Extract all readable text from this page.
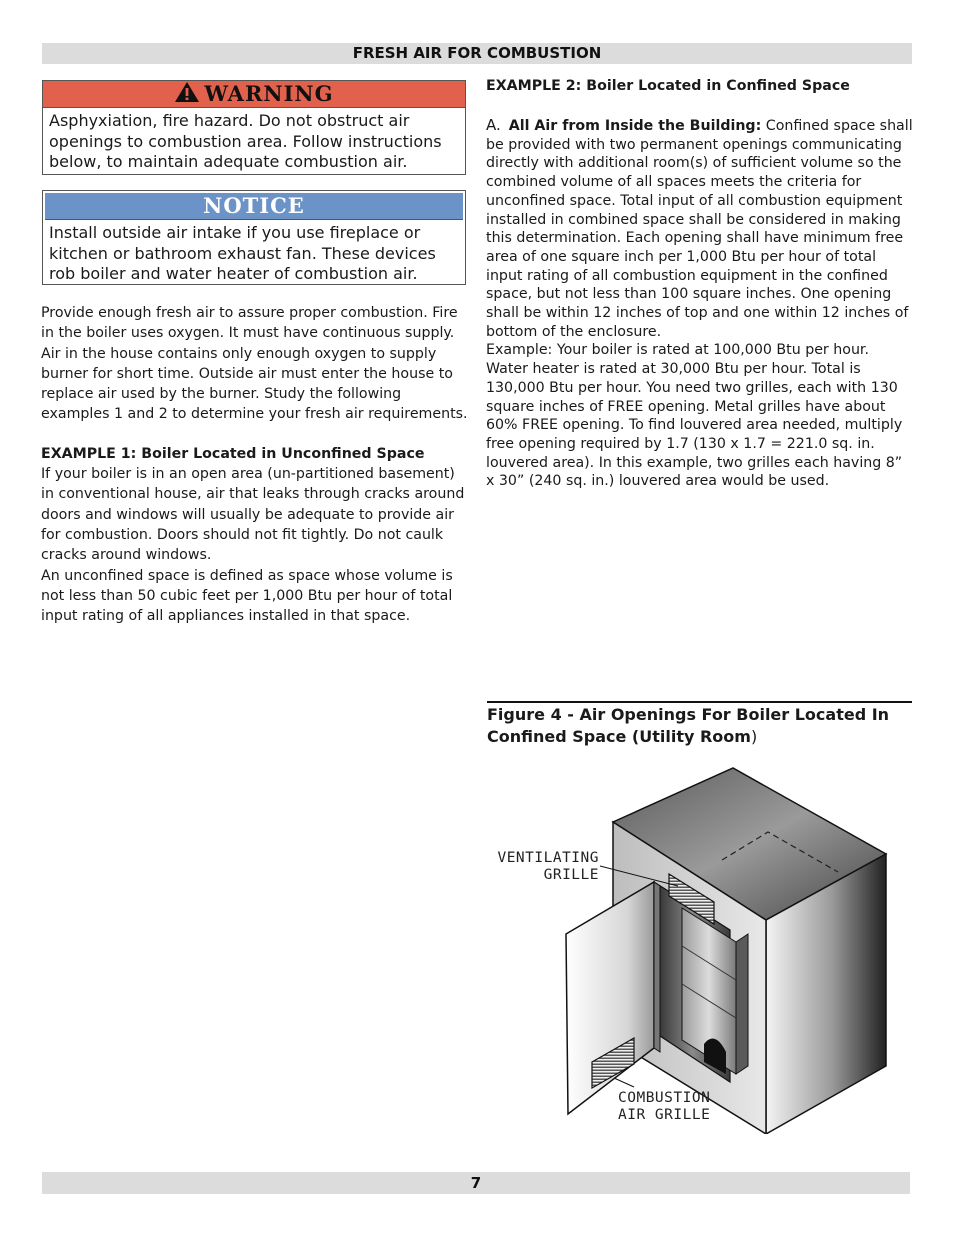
FRESH AIR FOR COMBUSTION
WARNING
Asphyxiation, fire hazard. Do not obstruct air openings to combustion area. Follow instructions below, to maintain adequate combustion air.
NOTICE
Install outside air intake if you use fireplace or kitchen or bathroom exhaust fan. These devices rob boiler and water heater of combustion air.

Provide enough fresh air to assure proper combustion. Fire in the boiler uses oxygen. It must have continuous supply. Air in the house contains only enough oxygen to supply burner for short time. Outside air must enter the house to replace air used by the burner. Study the following examples 1 and 2 to determine your fresh air requirements.

EXAMPLE 1: Boiler Located in Unconfined Space

If your boiler is in an open area (un-partitioned basement) in conventional house, air that leaks through cracks around doors and windows will usually be adequate to provide air for combustion. Doors should not fit tightly. Do not caulk cracks around windows.

An unconfined space is defined as space whose volume is not less than 50 cubic feet per 1,000 Btu per hour of total input rating of all appliances installed in that space.

EXAMPLE 2: Boiler Located in Confined Space

A. All Air from Inside the Building: Confined space shall be provided with two permanent openings communicating directly with additional room(s) of sufficient volume so the combined volume of all spaces meets the criteria for unconfined space. Total input of all combustion equipment installed in combined space shall be considered in making this determination. Each opening shall have minimum free area of one square inch per 1,000 Btu per hour of total input rating of all combustion equipment in the confined space, but not less than 100 square inches. One opening shall be within 12 inches of top and one within 12 inches of bottom of the enclosure.

Example: Your boiler is rated at 100,000 Btu per hour. Water heater is rated at 30,000 Btu per hour. Total is 130,000 Btu per hour. You need two grilles, each with 130 square inches of FREE opening. Metal grilles have about 60% FREE opening. To find louvered area needed, multiply free opening required by 1.7 (130 x 1.7 = 221.0 sq. in. louvered area). In this example, two grilles each having 8” x 30” (240 sq. in.) louvered area would be used.

Figure 4 - Air Openings For Boiler Located In Confined Space (Utility Room)
VENTILATING
GRILLE
COMBUSTION
AIR GRILLE
7
